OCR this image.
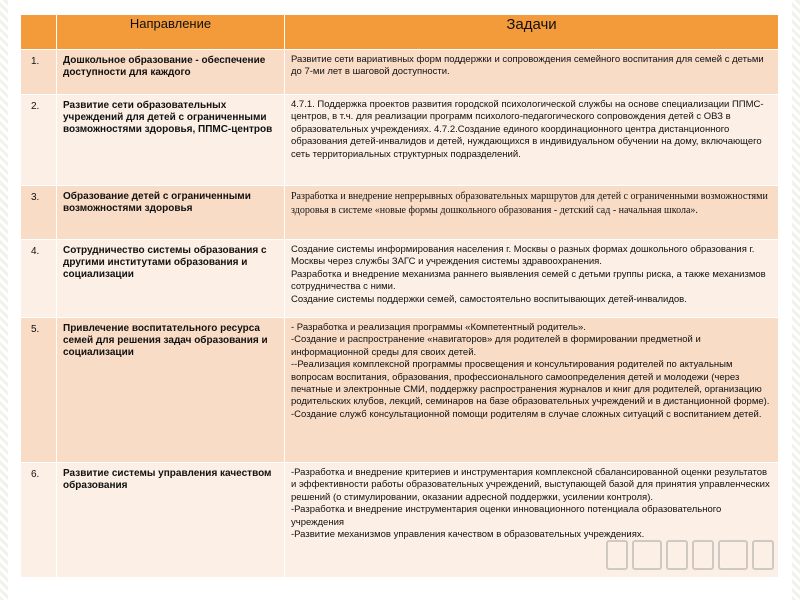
	Направление	Задачи
1.	Дошкольное образование - обеспечение доступности для каждого	Развитие сети вариативных форм поддержки и сопровождения семейного воспитания для семей с детьми до 7-ми лет в шаговой доступности.

2.	Развитие сети образовательных учреждений для детей с ограниченными возможностями здоровья, ППМС-центров	4.7.1. Поддержка проектов развития городской психологической службы на основе специализации ППМС-центров, в т.ч. для реализации программ психолого-педагогического сопровождения детей с ОВЗ в образовательных учреждениях. 4.7.2.Создание единого координационного центра дистанционного образования детей-инвалидов и детей, нуждающихся в индивидуальном обучении на дому, включающего сеть территориальных структурных подразделений.

3.	Образование детей с ограниченными возможностями здоровья	Разработка и внедрение непрерывных образовательных маршрутов для детей с ограниченными возможностями здоровья в системе «новые формы дошкольного образования - детский сад - начальная школа».

4.	Сотрудничество системы образования с другими институтами образования и социализации	Создание системы информирования населения г. Москвы о разных формах дошкольного образования г. Москвы через службы ЗАГС и учреждения системы здравоохранения.

Разработка и внедрение механизма раннего выявления семей с детьми группы риска, а также механизмов сотрудничества с ними.

Создание системы поддержки семей, самостоятельно воспитывающих детей-инвалидов.

5.	Привлечение воспитательного ресурса семей для решения задач образования и социализации	- Разработка и реализация программы «Компетентный родитель».

-Создание и распространение «навигаторов» для родителей в формировании предметной и информационной среды для своих детей.

--Реализация комплексной программы просвещения и консультирования родителей по актуальным вопросам воспитания, образования, профессионального самоопределения детей и молодежи (через печатные и электронные СМИ, поддержку распространения журналов и книг для родителей, организацию родительских клубов, лекций, семинаров на базе образовательных учреждений и в дистанционной форме).

-Создание служб консультационной помощи родителям в случае сложных ситуаций с воспитанием детей.

6.	Развитие системы управления качеством образования	-Разработка и внедрение критериев и инструментария комплексной сбалансированной оценки результатов и эффективности работы образовательных учреждений, выступающей базой для принятия управленческих решений (о стимулировании, оказании адресной поддержки, усилении контроля).

-Разработка и внедрение инструментария оценки инновационного потенциала образовательного учреждения

-Развитие механизмов управления качеством в образовательных учреждениях.
